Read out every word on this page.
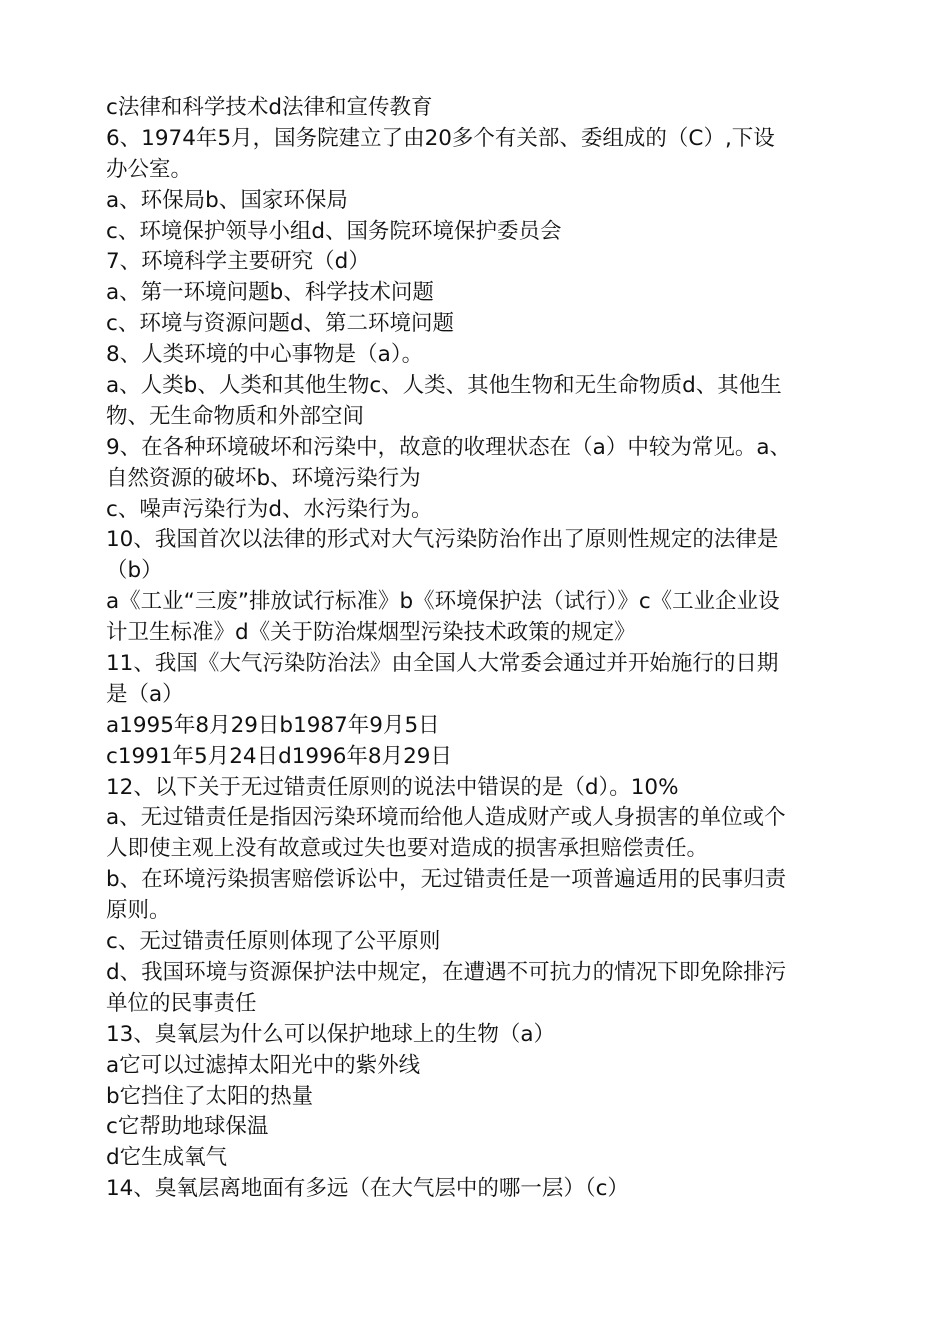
c法律和科学技术d法律和宣传教育
6、1974年5月，国务院建立了由20多个有关部、委组成的（C）,下设
办公室。
a、环保局b、国家环保局
c、环境保护领导小组d、国务院环境保护委员会
7、环境科学主要研究（d）
a、第一环境问题b、科学技术问题
c、环境与资源问题d、第二环境问题
8、人类环境的中心事物是（a）。
a、人类b、人类和其他生物c、人类、其他生物和无生命物质d、其他生
物、无生命物质和外部空间
9、在各种环境破坏和污染中，故意的收理状态在（a）中较为常见。a、
自然资源的破坏b、环境污染行为
c、噪声污染行为d、水污染行为。
10、我国首次以法律的形式对大气污染防治作出了原则性规定的法律是
（b）
a《工业“三废”排放试行标准》b《环境保护法（试行）》c《工业企业设
计卫生标准》d《关于防治煤烟型污染技术政策的规定》
11、我国《大气污染防治法》由全国人大常委会通过并开始施行的日期
是（a）
a1995年8月29日b1987年9月5日
c1991年5月24日d1996年8月29日
12、以下关于无过错责任原则的说法中错误的是（d）。10%
a、无过错责任是指因污染环境而给他人造成财产或人身损害的单位或个
人即使主观上没有故意或过失也要对造成的损害承担赔偿责任。
b、在环境污染损害赔偿诉讼中，无过错责任是一项普遍适用的民事归责
原则。
c、无过错责任原则体现了公平原则
d、我国环境与资源保护法中规定，在遭遇不可抗力的情况下即免除排污
单位的民事责任
13、臭氧层为什么可以保护地球上的生物（a）
a它可以过滤掉太阳光中的紫外线
b它挡住了太阳的热量
c它帮助地球保温
d它生成氧气
14、臭氧层离地面有多远（在大气层中的哪一层）（c）
